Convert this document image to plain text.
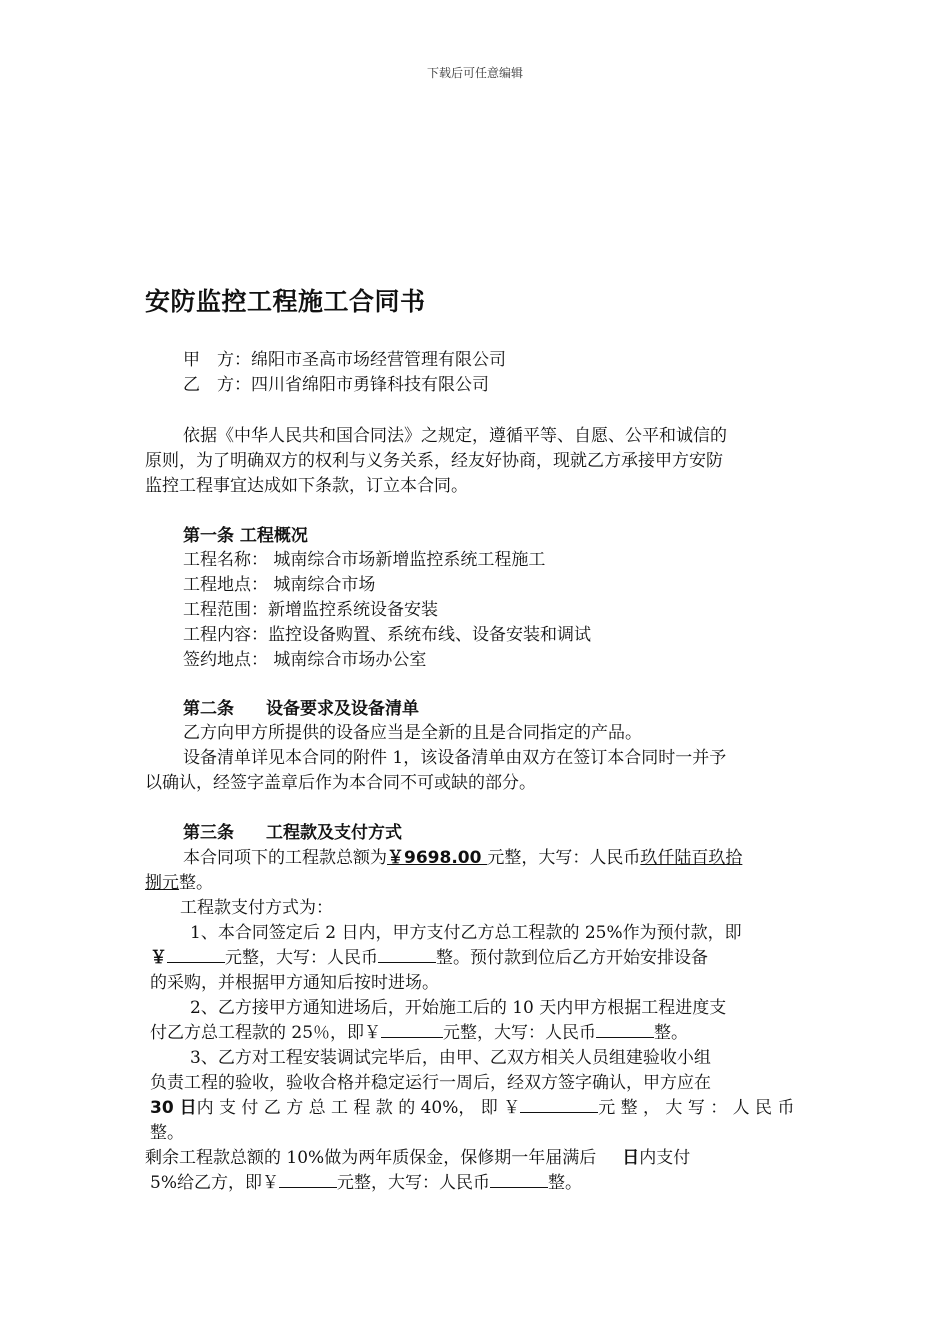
下载后可任意编辑
安防监控工程施工合同书
甲　方：绵阳市圣高市场经营管理有限公司
乙　方：四川省绵阳市勇锋科技有限公司
依据《中华人民共和国合同法》之规定，遵循平等、自愿、公平和诚信的
原则，为了明确双方的权利与义务关系，经友好协商，现就乙方承接甲方安防
监控工程事宜达成如下条款，订立本合同。
第一条 工程概况
工程名称： 城南综合市场新增监控系统工程施工
工程地点： 城南综合市场
工程范围：新增监控系统设备安装
工程内容：监控设备购置、系统布线、设备安装和调试
签约地点： 城南综合市场办公室
第二条 设备要求及设备清单
乙方向甲方所提供的设备应当是全新的且是合同指定的产品。
设备清单详见本合同的附件 1，该设备清单由双方在签订本合同时一并予
以确认，经签字盖章后作为本合同不可或缺的部分。
第三条 工程款及支付方式
本合同项下的工程款总额为￥9698.00 元整，大写：人民币玖仟陆百玖拾
捌元整。
工程款支付方式为：
1、本合同签定后 2 日内，甲方支付乙方总工程款的 25%作为预付款，即
￥	元整，大写：人民币	整。预付款到位后乙方开始安排设备
的采购，并根据甲方通知后按时进场。
2、乙方接甲方通知进场后，开始施工后的 10 天内甲方根据工程进度支
付乙方总工程款的 25％，即￥	元整，大写：人民币	整。
3、乙方对工程安装调试完毕后，由甲、乙双方相关人员组建验收小组
负责工程的验收，验收合格并稳定运行一周后，经双方签字确认，甲方应在
30 日内 支 付 乙 方 总 工 程 款 的 40%， 即 ￥	元 整 ， 大 写 ： 人 民 币
整。
剩余工程款总额的 10%做为两年质保金，保修期一年届满后 日内支付
5%给乙方，即￥	元整，大写：人民币	整。
